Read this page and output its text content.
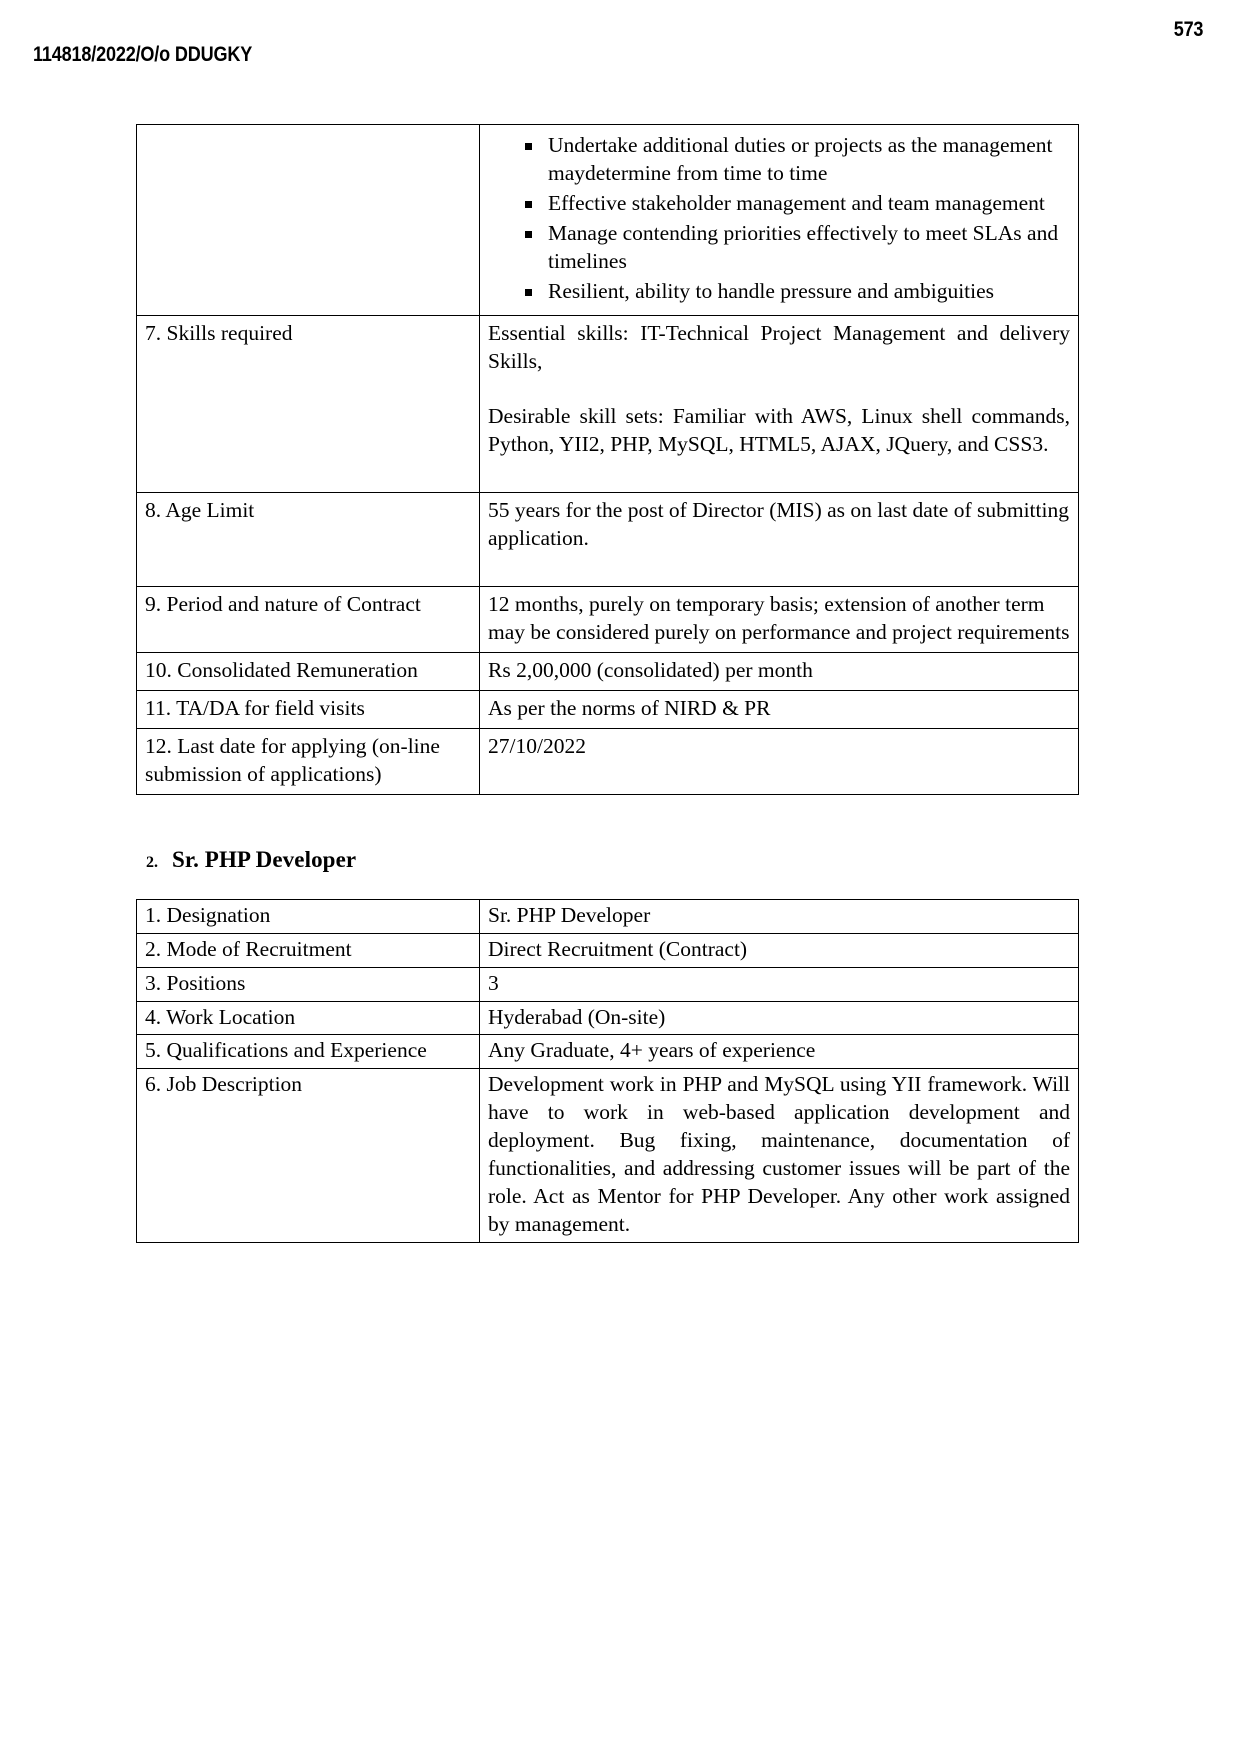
573
114818/2022/O/o DDUGKY

Undertake additional duties or projects as the management maydetermine from time to time
Effective stakeholder management and team management
Manage contending priorities effectively to meet SLAs and timelines
Resilient, ability to handle pressure and ambiguities

7. Skills required	Essential skills: IT-Technical Project Management and delivery Skills,
Desirable skill sets: Familiar with AWS, Linux shell commands, Python, YII2, PHP, MySQL, HTML5, AJAX, JQuery, and CSS3.

8. Age Limit	55 years for the post of Director (MIS) as on last date of submitting application.

9. Period and nature of Contract	12 months, purely on temporary basis; extension of another term may be considered purely on performance and project requirements
10. Consolidated Remuneration	Rs 2,00,000 (consolidated) per month
11. TA/DA for field visits	As per the norms of NIRD & PR
12. Last date for applying (on-line submission of applications)	27/10/2022
2. Sr. PHP Developer
1. Designation	Sr. PHP Developer
2. Mode of Recruitment	Direct Recruitment (Contract)
3. Positions	3
4. Work Location	Hyderabad (On-site)
5. Qualifications and Experience	Any Graduate, 4+ years of experience
6. Job Description	Development work in PHP and MySQL using YII framework. Will have to work in web-based application development and deployment. Bug fixing, maintenance, documentation of functionalities, and addressing customer issues will be part of the role. Act as Mentor for PHP Developer. Any other work assigned by management.
